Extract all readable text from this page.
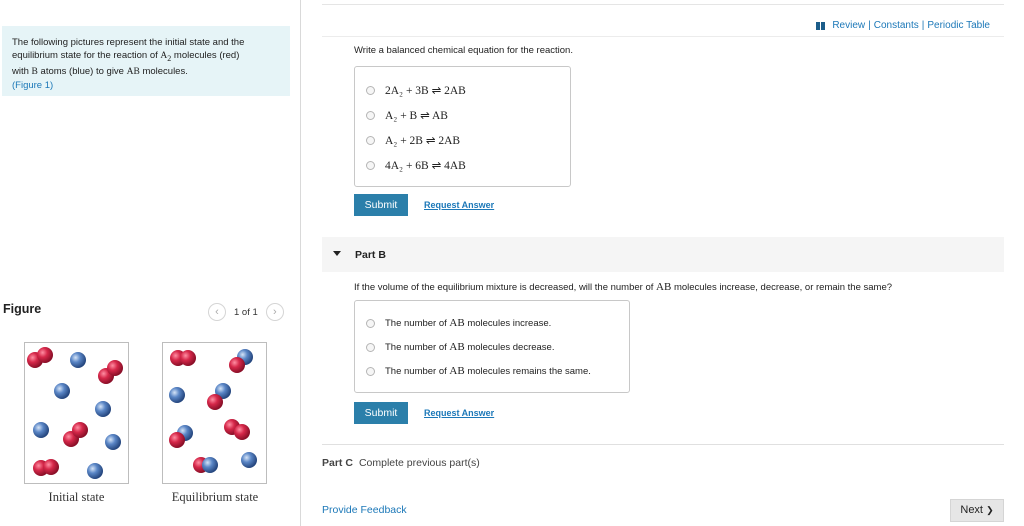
The following pictures represent the initial state and the
equilibrium state for the reaction of $A_2$ molecules (red)
with B atoms (blue) to give AB molecules.
(Figure 1)
Figure	‹	1 of 1	›
Initial state	Equilibrium state
Review | Constants | Periodic Table
Write a balanced chemical equation for the reaction.
2A₂ + 3B ⇌ 2AB
A₂ + B ⇌ AB
A₂ + 2B ⇌ 2AB
4A₂ + 6B ⇌ 4AB
Submit	Request Answer
Part B
If the volume of the equilibrium mixture is decreased, will the number of AB molecules increase, decrease, or remain the same?
The number of AB molecules increase.
The number of AB molecules decrease.
The number of AB molecules remains the same.
Submit	Request Answer
Part C Complete previous part(s)
Provide Feedback	Next ❯
